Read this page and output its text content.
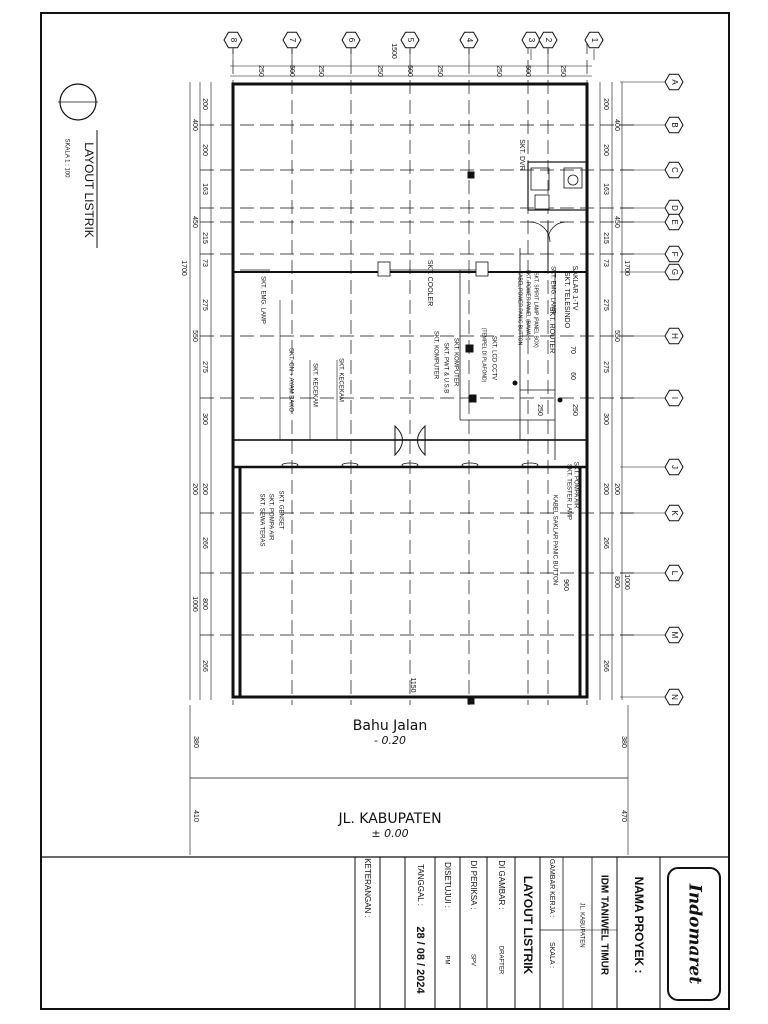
8	7	6	5	4	3 2	1
250	500	250	250	500	250	250	500	250
1500
A
B
C
D
E
F
G
H
I
J
K
L
M
N
200
400
200
163
450
215
73
275
550
275
300
200
200
266
800
1000
266
1700
200
400
200
163
450
215
73
275
550
275
300
200 200
266
800 1000
266
1700
380
410
380
470
250	250
960
1150
70
60
SKT. DVR
SKT. COOLER
SKT. ROUTER
SKT. TELESINDO SAKLAR 1-TV
SKT. EMG. LAMP
SKT. SPIRIT LAMP (PANEL BOX)
SKT. POWER PANEL (BAWAH)
KABEL POWER PANIC BUTTON
SKT. LCD CCTV
(TEMPEL DI PLAFOND)
SKT. KOMPUTER
SKT. PWT & U.S.B
SKT. KOMPUTER
SKT. EMG. LAMP
SKT. CN + AYAM BAKO	SKT. KECEKAM	SKT. KECEKAM
SKT. POMPA AIR
SKT. TESTER LAMP
KABEL SAKLAR PANIC BUTTON
SKT. GENSET
SKT. POMPA AIR
SKT. SEWA TERAS
LAYOUT LISTRIK
SKALA 1 : 100
Indomaret
NAMA PROYEK :
IDM TANIWEL TIMUR
JL. KABUPATEN
GAMBAR KERJA :
SKALA :
LAYOUT LISTRIK
DI GAMBAR :
DRAFTER
DI PERIKSA :
SPV
DISETUJUI :
PM
TANGGAL :
28 / 08 / 2024
KETERANGAN :
Bahu Jalan
- 0.20
JL. KABUPATEN
± 0.00
